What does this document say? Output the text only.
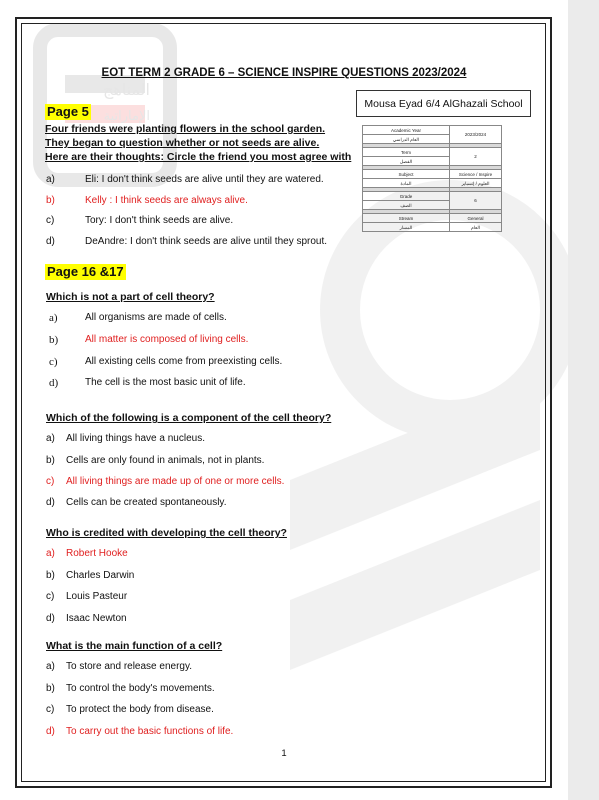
المناهج
الإماراتية
EOT TERM 2 GRADE 6 – SCIENCE INSPIRE QUESTIONS 2023/2024
Mousa Eyad 6/4 AlGhazali School
Academic Year	2023/2024
العام الدراسي	

Term	2
الفصل	

Subject	Science / Inspire
المادة	العلوم / إنسباير

Grade	6
الصف	

Stream	General
المسار	العام
Page 5
Four friends were planting flowers in the school garden.
They began to question whether or not seeds are alive.
Here are their thoughts: Circle the friend you most agree with
a)	Eli: I don't think seeds are alive until they are watered.
b)	Kelly : I think seeds are always alive.
c)	Tory: I don't think seeds are alive.
d)	DeAndre: I don't think seeds are alive until they sprout.
Page 16 &17
Which is not a part of cell theory?
a)	All organisms are made of cells.
b)	All matter is composed of living cells.
c)	All existing cells come from preexisting cells.
d)	The cell is the most basic unit of life.
Which of the following is a component of the cell theory?
a) All living things have a nucleus.
b) Cells are only found in animals, not in plants.
c) All living things are made up of one or more cells.
d) Cells can be created spontaneously.
Who is credited with developing the cell theory?
a) Robert Hooke
b) Charles Darwin
c) Louis Pasteur
d) Isaac Newton
What is the main function of a cell?
a) To store and release energy.
b) To control the body's movements.
c) To protect the body from disease.
d) To carry out the basic functions of life.
1
